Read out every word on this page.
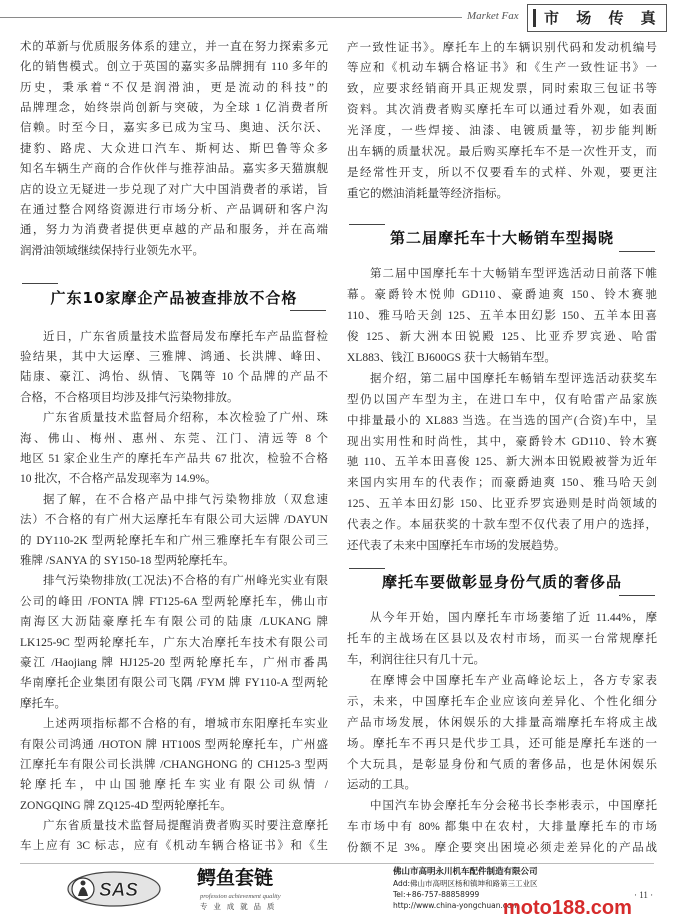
Market Fax 市 场 传 真
术的革新与优质服务体系的建立，并一直在努力探索多元
化的销售模式。创立于英国的嘉实多品牌拥有 110 多年的
历史，秉承着“不仅是润滑油，更是流动的科技”的
品牌理念，始终崇尚创新与突破，为全球 1 亿消费者所
信赖。时至今日，嘉实多已成为宝马、奥迪、沃尔沃、
捷豹、路虎、大众进口汽车、斯柯达、斯巴鲁等众多
知名车辆生产商的合作伙伴与推荐油品。嘉实多天猫旗舰
店的设立无疑进一步兑现了对广大中国消费者的承诺，旨
在通过整合网络资源进行市场分析、产品调研和客户沟
通，努力为消费者提供更卓越的产品和服务，并在高端
润滑油领域继续保持行业领先水平。
广东10家摩企产品被查排放不合格
近日，广东省质量技术监督局发布摩托车产品监督检
验结果，其中大运摩、三雅牌、鸿通、长洪牌、峰田、
陆康、豪江、鸿怡、纵情、飞隅等 10 个品牌的产品不
合格，不合格项目均涉及排气污染物排放。
广东省质量技术监督局介绍称，本次检验了广州、珠
海、佛山、梅州、惠州、东莞、江门、清远等 8 个
地区 51 家企业生产的摩托车产品共 67 批次，检验不合格
10 批次，不合格产品发现率为 14.9%。
据了解，在不合格产品中排气污染物排放（双怠速
法）不合格的有广州大运摩托车有限公司大运牌 /DAYUN
的 DY110-2K 型两轮摩托车和广州三雅摩托车有限公司三
雅牌 /SANYA 的 SY150-18 型两轮摩托车。
排气污染物排放(工况法)不合格的有广州峰光实业有限
公司的峰田 /FONTA 牌 FT125-6A 型两轮摩托车，佛山市
南海区大沥陆豪摩托车有限公司的陆康 /LUKANG 牌
LK125-9C 型两轮摩托车，广东大冶摩托车技术有限公司
豪江 /Haojiang 牌 HJ125-20 型两轮摩托车，广州市番禺
华南摩托企业集团有限公司飞隅 /FYM 牌 FY110-A 型两轮
摩托车。
上述两项指标都不合格的有，增城市东阳摩托车实业
有限公司鸿通 /HOTON 牌 HT100S 型两轮摩托车，广州盛
江摩托车有限公司长洪牌 /CHANGHONG 的 CH125-3 型两
轮摩托车，中山国驰摩托车实业有限公司纵情 /
ZONGQING 牌 ZQ125-4D 型两轮摩托车。
广东省质量技术监督局提醒消费者购买时要注意摩托
车上应有 3C 标志，应有《机动车辆合格证书》和《生
产一致性证书》。摩托车上的车辆识别代码和发动机编号
等应和《机动车辆合格证书》和《生产一致性证书》一
致，应要求经销商开具正规发票，同时索取三包证书等
资料。其次消费者购买摩托车可以通过看外观，如表面
光泽度，一些焊接、油漆、电镀质量等，初步能判断
出车辆的质量状况。最后购买摩托车不是一次性开支，而
是经常性开支，所以不仅要看车的式样、外观，要更注
重它的燃油消耗量等经济指标。
第二届摩托车十大畅销车型揭晓
第二届中国摩托车十大畅销车型评选活动日前落下帷
幕。豪爵铃木悦帅 GD110、豪爵迪爽 150、铃木赛驰
110、雅马哈天剑 125、五羊本田幻影 150、五羊本田喜
俊 125、新大洲本田锐殿 125、比亚乔罗宾逊、哈雷
XL883、钱江 BJ600GS 获十大畅销车型。
据介绍，第二届中国摩托车畅销车型评选活动获奖车
型仍以国产车型为主，在进口车中，仅有哈雷产品家族
中排量最小的 XL883 当选。在当选的国产(合资)车中，呈
现出实用性和时尚性，其中，豪爵铃木 GD110、铃木赛
驰 110、五羊本田喜俊 125、新大洲本田锐殿被誉为近年
来国内实用车的代表作；而豪爵迪爽 150、雅马哈天剑
125、五羊本田幻影 150、比亚乔罗宾逊则是时尚领域的
代表之作。本届获奖的十款车型不仅代表了用户的选择，
还代表了未来中国摩托车市场的发展趋势。
摩托车要做彰显身份气质的奢侈品
从今年开始，国内摩托车市场萎缩了近 11.44%，摩
托车的主战场在区县以及农村市场，而买一台常规摩托
车，利润往往只有几十元。
在摩博会中国摩托车产业高峰论坛上，各方专家表
示，未来，中国摩托车企业应该向差异化、个性化细分
产品市场发展，休闲娱乐的大排量高端摩托车将成主战
场。摩托车不再只是代步工具，还可能是摩托车迷的一
个大玩具，是彰显身份和气质的奢侈品，也是休闲娱乐
运动的工具。
中国汽车协会摩托车分会秘书长李彬表示，中国摩托
车市场中有 80% 都集中在农村，大排量摩托车的市场
份额不足 3%。摩企要突出困境必须走差异化的产品战
SAS
鳄鱼套链
profession achievement quality
专 业 成 就 品 质
佛山市高明永川机车配件制造有限公司
Add:佛山市高明区杨和镇坤和路第三工业区
Tel:+86-757-88858999
http://www.china-yongchuan.com
· 11 ·
moto188.com
